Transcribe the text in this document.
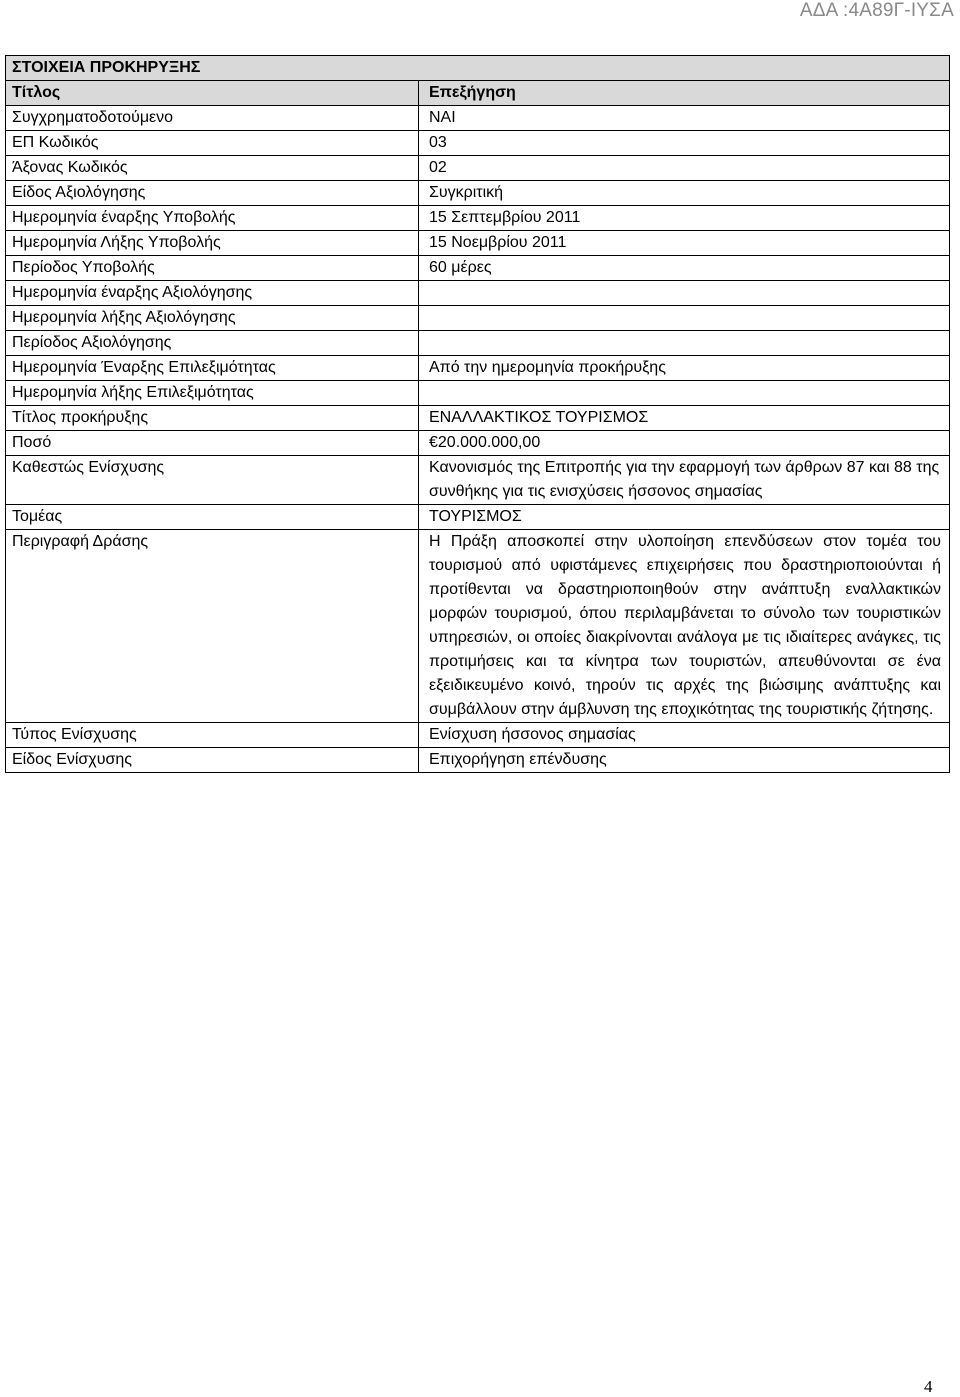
ΑΔΑ :4Α89Γ-ΙΥΣΑ
ΣΤΟΙΧΕΙΑ ΠΡΟΚΗΡΥΞΗΣ	
Τίτλος	Επεξήγηση
Συγχρηματοδοτούμενο	ΝΑΙ
ΕΠ Κωδικός	03
Άξονας Κωδικός	02
Είδος Αξιολόγησης	Συγκριτική
Ημερομηνία έναρξης Υποβολής	15 Σεπτεμβρίου 2011
Ημερομηνία Λήξης Υποβολής	15 Νοεμβρίου 2011
Περίοδος Υποβολής	60 μέρες
Ημερομηνία έναρξης Αξιολόγησης	
Ημερομηνία λήξης Αξιολόγησης	
Περίοδος Αξιολόγησης	
Ημερομηνία Έναρξης Επιλεξιμότητας	Από την ημερομηνία προκήρυξης
Ημερομηνία λήξης Επιλεξιμότητας	
Τίτλος προκήρυξης	ΕΝΑΛΛΑΚΤΙΚΟΣ ΤΟΥΡΙΣΜΟΣ
Ποσό	€20.000.000,00
Καθεστώς Ενίσχυσης	Κανονισμός της Επιτροπής για την εφαρμογή των άρθρων 87 και 88 της συνθήκης για τις ενισχύσεις ήσσονος σημασίας
Τομέας	ΤΟΥΡΙΣΜΟΣ
Περιγραφή Δράσης	Η Πράξη αποσκοπεί στην υλοποίηση επενδύσεων στον τομέα του τουρισμού από υφιστάμενες επιχειρήσεις που δραστηριοποιούνται ή προτίθενται να δραστηριοποιηθούν στην ανάπτυξη εναλλακτικών μορφών τουρισμού, όπου περιλαμβάνεται το σύνολο των τουριστικών υπηρεσιών, οι οποίες διακρίνονται ανάλογα με τις ιδιαίτερες ανάγκες, τις προτιμήσεις και τα κίνητρα των τουριστών, απευθύνονται σε ένα εξειδικευμένο κοινό, τηρούν τις αρχές της βιώσιμης ανάπτυξης και συμβάλλουν στην άμβλυνση της εποχικότητας της τουριστικής ζήτησης.
Τύπος Ενίσχυσης	Ενίσχυση ήσσονος σημασίας
Είδος Ενίσχυσης	Επιχορήγηση επένδυσης
4
